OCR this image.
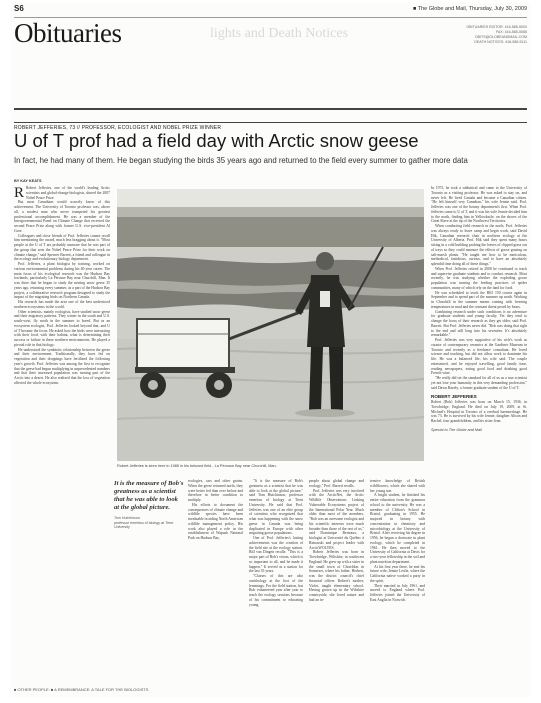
S6	■ The Globe and Mail, Thursday, July 30, 2009
Obituaries	lights and Death Notices	OBITUARIES EDITOR: 416-585-5000
FAX: 416-585-5085
OBITS@GLOBEANDMAIL.COM
DEATH NOTICES: 416-585-5111
ROBERT JEFFERIES, 73 // PROFESSOR, ECOLOGIST AND NOBEL PRIZE WINNER
U of T prof had a field day with Arctic snow geese
In fact, he had many of them. He began studying the birds 35 years ago and returned to the field every summer to gather more data
BY KAY KEATS

R Robert Jefferies, one of the world's leading Arctic scientists and global-change biologists, shared the 2007 Nobel Peace Prize.

But most Canadians would scarcely know of this achievement. The University of Toronto professor was, above all, a modest man who never trumpeted his greatest professional accomplishment. He was a member of the Intergovernmental Panel on Climate Change that received the second Peace Prize along with former U.S. vice-president Al Gore.

Colleagues and close friends of Prof. Jefferies cannot recall him mentioning the award, much less bragging about it. "Most people at the U of T are probably unaware that he was part of the group that won the Nobel Peace Prize for their work on climate change," said Spencer Barrett, a friend and colleague in the ecology and evolutionary biology department.

Prof. Jefferies, a plant biologist by training, worked on various environmental problems during his 40-year career. The main focus of his ecological research was the Hudson Bay lowlands, particularly La Pérouse Bay near Churchill, Man. It was there that he began to study the nesting snow geese 35 years ago, returning every summer, as a part of the Hudson Bay project, a collaborative research program designed to study the impact of the migrating birds on Northern Canada.

His research has made the area one of the best understood northern ecosystems in the world.

Other scientists, mainly ecologists, have studied snow geese and their migratory patterns. They winter in the south and U.S. south-west, fly north in the summer to breed. But as an ecosystem ecologist, Prof. Jefferies looked beyond that, and U of T became the focus. He asked how the birds were interacting with their food, with their habitat, what is determining their success or failure in these northern environments. He played a pivotal role in that biology.

He understood the symbiotic relationship between the geese and their environment. Traditionally, they have fed on vegetation and their droppings have fertilized the following year's growth. Prof. Jefferies was among the first to recognize that the geese had begun multiplying in unprecedented numbers and that their increased population was turning part of the Arctic into a desert. He also realized that the loss of vegetation affected the whole ecosystem.

Robert Jefferies is seen here in 1985 in his beloved field - La Pérouse Bay near Churchill, Man.
It is the measure of Bob's greatness as a scientist that he was able to look at the global picture.
Tom Hutchinson
professor emeritus of biology at Trent University

ecologies, cars and other grains. When the geese returned north, they were better fed than ever before and therefore in better condition to multiply.

His efforts to document the consequences of climate change and wildlife species have been invaluable in aiding North American wildlife management policy. His work also played a role in the establishment of Wapusk National Park on Hudson Bay.

"It is the measure of Bob's greatness as a scientist that he was able to look at the global picture," said Tom Hutchinson, professor emeritus of biology at Trent University. He said that Prof. Jefferies was one of an elite group of scientists who recognized that what was happening with the snow geese in Canada was being duplicated in Europe with other migrating goose populations.

One of Prof. Jefferies's lasting achievements was the creation of the field site at the ecology station. Bill van Dingen recalls: "This is a major part of Bob's vision, which is so important to all, and he made it happen." It served as a station for the last 35 years.

"Classes of this are also ornithology at the foot of the lemmings. For the field station, but Bob volunteered year after year to teach the ecology sessions because of his commitment to educating young

people about global change and ecology," Prof. Barrett recalls.

Prof. Jefferies was very involved with the ArcticNet, the Arctic Wildlife Observations Linking Vulnerable Ecosystems project of the International Polar Year. Much older than most of the members, "Bob was an awesome ecologist and his scientific interests were much broader than those of the rest of us," said Dominique Berteaux, a biologist at Université du Québec à Rimouski and project leader with ArcticWOLVES.

Robert Jefferies was born in Trowbridge, Wiltshire, in southwest England. He grew up with a sister in the small town of Chiseldon in Somerset, where his father, Herbert, was the district council's chief financial officer. Robert's mother, Violet, taught elementary school. Having grown up in the Wiltshire countryside, she loved nature and had an in-

tensive knowledge of British wildflowers, which she shared with her young son.

A bright student, he finished his entire education from the grammar school to the university. He was a member of Clifton's School in Bristol, graduating in 1955. He majored in botany with concentration in chemistry and microbiology at the University of Bristol. After receiving his degree in 1956, he began a doctorate in plant ecology, which he completed in 1961. He then moved to the University of California at Davis for a two-year fellowship in the soil and plant nutrition department.

At his first year there, he met his future wife, Jennie Leslie, where the California native worked a party in the spirit.

Their married in July 1961, and moved to England where Prof. Jefferies joined the University of East Anglia in Norwich.

In 1973, he took a sabbatical and came to the University of Toronto as a visiting professor. He was asked to stay on, and never left. He lived Canada and became a Canadian citizen. "He felt himself very Canadian," his wife Jennie said. Prof. Jefferies was one of the botany department's first. When Prof. Jefferies came to U of T, and it was his wife Jennie decided him to the north, finding him in Yellowknife, on the shores of the Great Slave at the tip of the Northwest Territories.

When conducting field research in the north, Prof. Jefferies was always ready to leave camp and begin work, said David Hik, Canadian research chair in northern ecology at the University of Alberta. Prof. Hik said they spent many hours sitting in a cold building probing the leaves of clipped grass out of trays so they could measure the effects of goose grazing on salt-marsh plants. "He taught me how to be meticulous, methodical, fastidious, curious, and to have an absolutely splendid time doing all of these things."

When Prof. Jefferies retired in 2000 he continued to teach and supervise graduate students and to conduct research. Most recently, he was studying whether the exploding goose population was turning the feeding practices of spider communities, many of which rely on the land for food.

He was scheduled to teach the BIO 150 course again in September and to spend part of the summer up north. Working in Churchill in the summer means coming with freezing temperatures in mud and the constant threat posed by bears.

Combining research under such conditions is no adventure for graduate students and young faculty. Yet they tend to change the focus of their research as they get older, said Prof. Barrett. But Prof. Jefferies never did. "Bob was doing that right to the end and still long into his seventies. It's absolutely remarkable."

Prof. Jefferies was very supportive of his wife's work as curator of contemporary ceramics at the Gardiner Museum in Toronto and recently as a freelance consultant. He loved science and teaching, but did not allow work to dominate his life. He was a balanced life, his wife said. The couple entertained, and he enjoyed travelling, good family time, reading newspapers, eating good food and drinking good French wine.

"He really did set the standard for all of us as a true scientist yet not lose your humanity in this very demanding profession," said Dawn Bazely, a former graduate student of the U of T.

ROBERT JEFFERIES

Robert (Bob) Jefferies was born on March 15, 1936, in Trowbridge, England. He died on July 19, 2009, at St. Michael's Hospital in Toronto of a cerebral haemorrhage. He was 73. He is survived by his wife Jennie, daughter Alison and Rachel, four grandchildren, and his sister Jean.

Special to The Globe and Mail
■ OTHER PEOPLE: ■ A REMEMBRANCE: A TALE FOR THE BIOLOGISTS
